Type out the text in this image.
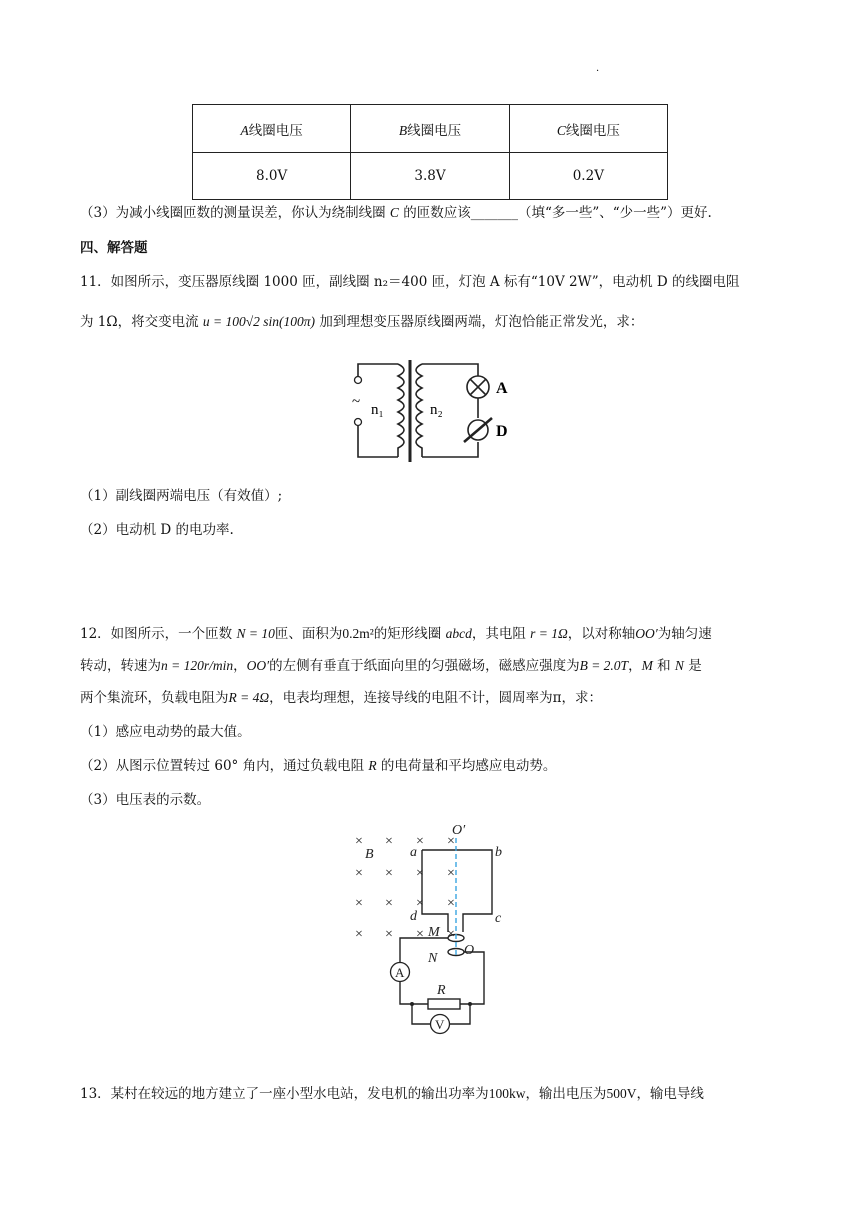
·
A线圈电压	B线圈电压	C线圈电压
8.0V	3.8V	0.2V
（3）为减小线圈匝数的测量误差，你认为绕制线圈 C 的匝数应该_______（填“多一些”、“少一些”）更好.
四、解答题
11．如图所示，变压器原线圈 1000 匝，副线圈 n₂＝400 匝，灯泡 A 标有“10V 2W”，电动机 D 的线圈电阻
为 1Ω，将交变电流 u = 100√2 sin(100π) 加到理想变压器原线圈两端，灯泡恰能正常发光，求：
~ n₁	n₂
A
D
（1）副线圈两端电压（有效值）;
（2）电动机 D 的电功率.
12．如图所示，一个匝数 N = 10匝、面积为0.2m²的矩形线圈 abcd，其电阻 r = 1Ω，以对称轴OO′为轴匀速
转动，转速为n = 120r/min，OO′的左侧有垂直于纸面向里的匀强磁场，磁感应强度为B = 2.0T，M 和 N 是
两个集流环，负载电阻为R = 4Ω，电表均理想，连接导线的电阻不计，圆周率为π，求：
（1）感应电动势的最大值。
（2）从图示位置转过 60° 角内，通过负载电阻 R 的电荷量和平均感应电动势。
（3）电压表的示数。
× × × ×
× × × ×
× × × ×
× × × ×
B	a	b
c
d
M
N
O
O′
A
V
R
13．某村在较远的地方建立了一座小型水电站，发电机的输出功率为100kw，输出电压为500V，输电导线
